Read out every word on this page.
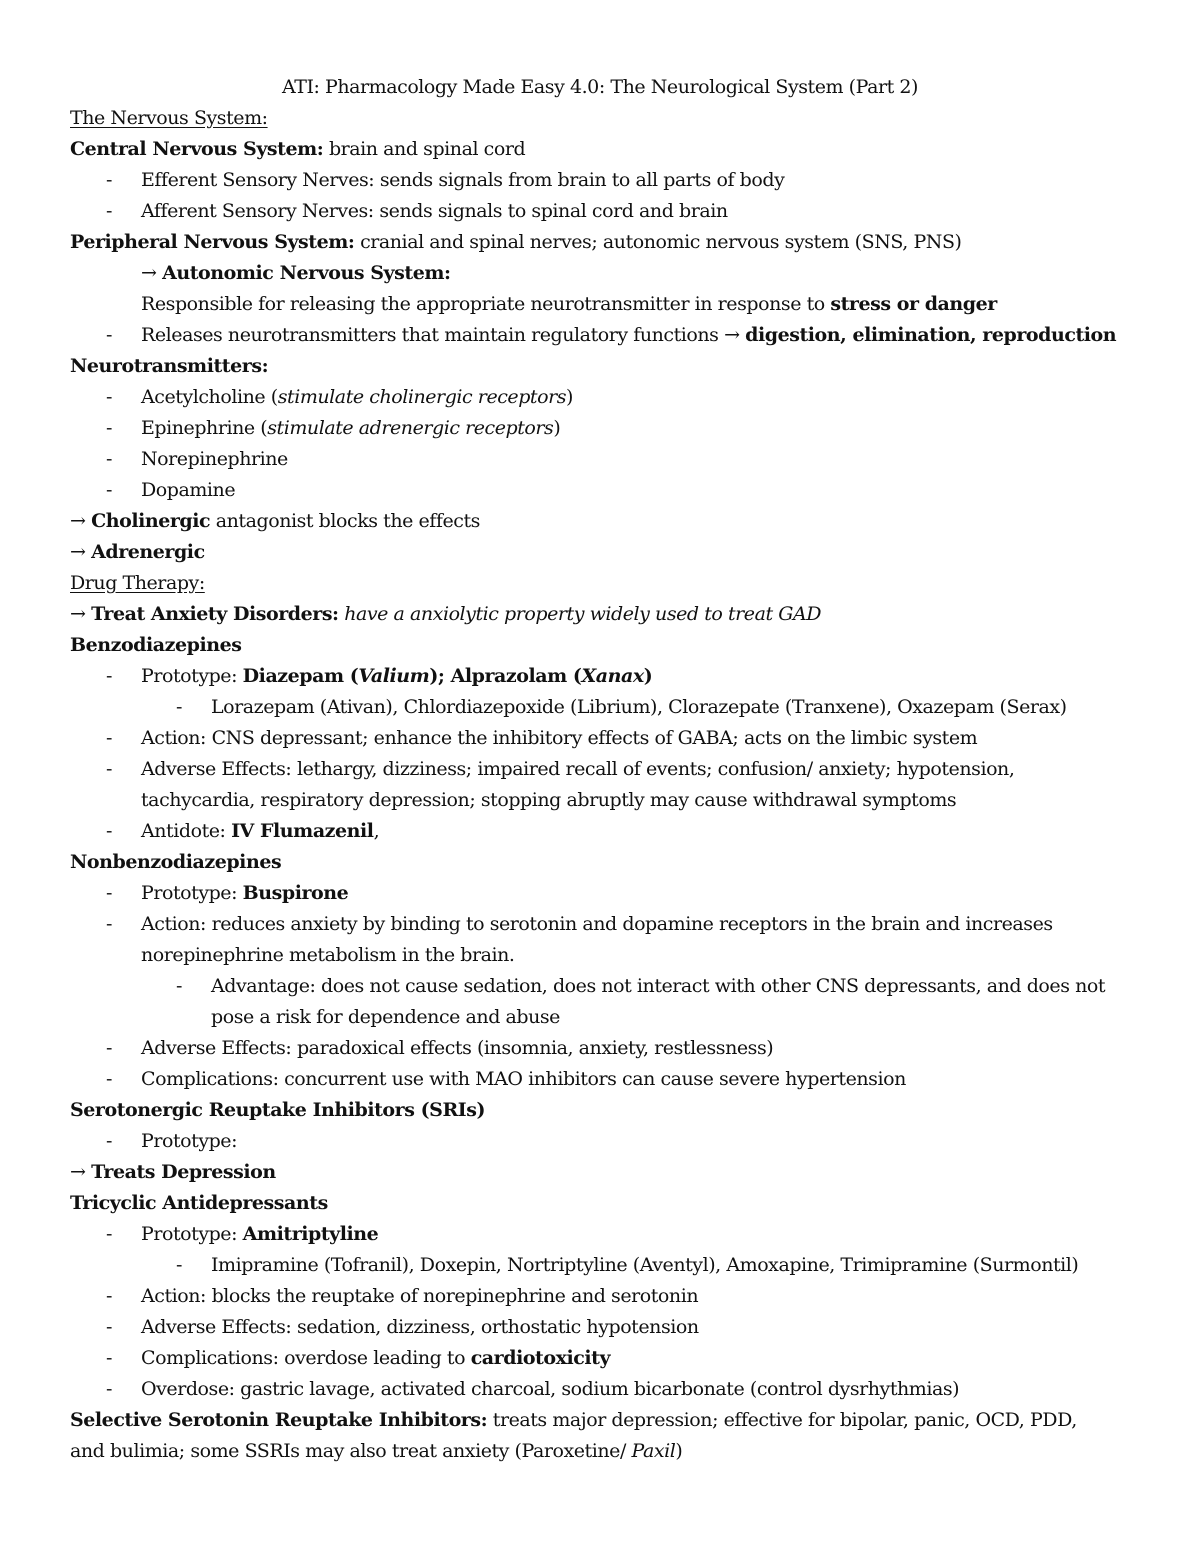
ATI: Pharmacology Made Easy 4.0: The Neurological System (Part 2)
The Nervous System:
Central Nervous System: brain and spinal cord
- Efferent Sensory Nerves: sends signals from brain to all parts of body
- Afferent Sensory Nerves: sends signals to spinal cord and brain
Peripheral Nervous System: cranial and spinal nerves; autonomic nervous system (SNS, PNS)
→ Autonomic Nervous System:
Responsible for releasing the appropriate neurotransmitter in response to stress or danger
- Releases neurotransmitters that maintain regulatory functions → digestion, elimination, reproduction
Neurotransmitters:
- Acetylcholine (stimulate cholinergic receptors)
- Epinephrine (stimulate adrenergic receptors)
- Norepinephrine
- Dopamine
→ Cholinergic antagonist blocks the effects
→ Adrenergic
Drug Therapy:
→ Treat Anxiety Disorders: have a anxiolytic property widely used to treat GAD
Benzodiazepines
- Prototype: Diazepam (Valium); Alprazolam (Xanax)
- Lorazepam (Ativan), Chlordiazepoxide (Librium), Clorazepate (Tranxene), Oxazepam (Serax)
- Action: CNS depressant; enhance the inhibitory effects of GABA; acts on the limbic system
- Adverse Effects: lethargy, dizziness; impaired recall of events; confusion/ anxiety; hypotension,
tachycardia, respiratory depression; stopping abruptly may cause withdrawal symptoms
- Antidote: IV Flumazenil,
Nonbenzodiazepines
- Prototype: Buspirone
- Action: reduces anxiety by binding to serotonin and dopamine receptors in the brain and increases
norepinephrine metabolism in the brain.
- Advantage: does not cause sedation, does not interact with other CNS depressants, and does not
pose a risk for dependence and abuse
- Adverse Effects: paradoxical effects (insomnia, anxiety, restlessness)
- Complications: concurrent use with MAO inhibitors can cause severe hypertension
Serotonergic Reuptake Inhibitors (SRIs)
- Prototype:
→ Treats Depression
Tricyclic Antidepressants
- Prototype: Amitriptyline
- Imipramine (Tofranil), Doxepin, Nortriptyline (Aventyl), Amoxapine, Trimipramine (Surmontil)
- Action: blocks the reuptake of norepinephrine and serotonin
- Adverse Effects: sedation, dizziness, orthostatic hypotension
- Complications: overdose leading to cardiotoxicity
- Overdose: gastric lavage, activated charcoal, sodium bicarbonate (control dysrhythmias)
Selective Serotonin Reuptake Inhibitors: treats major depression; effective for bipolar, panic, OCD, PDD,
and bulimia; some SSRIs may also treat anxiety (Paroxetine/ Paxil)
